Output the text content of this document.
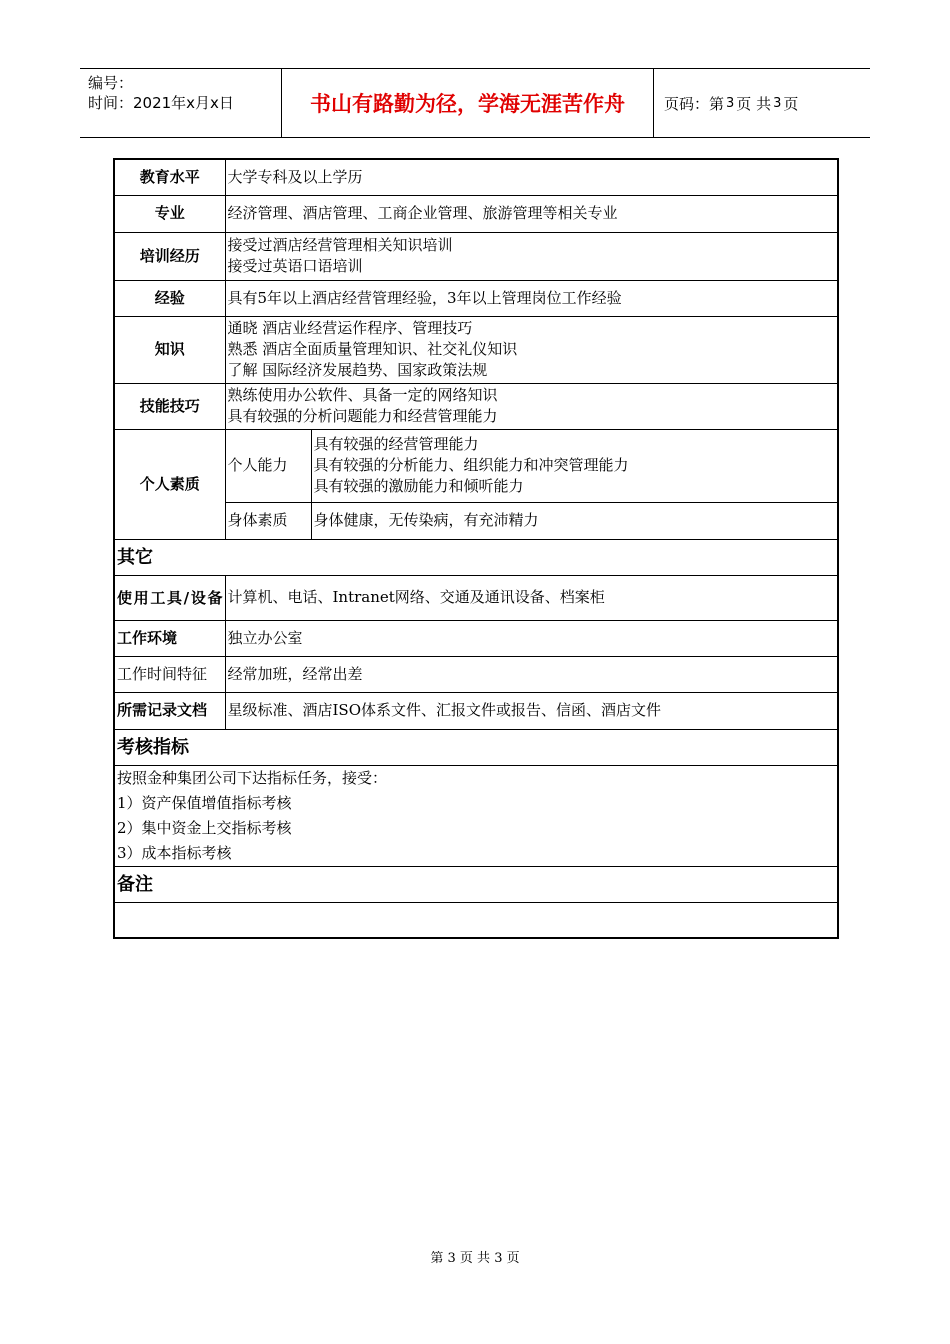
编号：
时间：2021年x月x日	书山有路勤为径，学海无涯苦作舟	页码：第 3 页 共 3 页
教育水平	大学专科及以上学历	
专业	经济管理、酒店管理、工商企业管理、旅游管理等相关专业	
培训经历	接受过酒店经营管理相关知识培训
接受过英语口语培训	

经验	具有5年以上酒店经营管理经验，3年以上管理岗位工作经验	
知识	通晓 酒店业经营运作程序、管理技巧
熟悉 酒店全面质量管理知识、社交礼仪知识
了解 国际经济发展趋势、国家政策法规	

技能技巧	熟练使用办公软件、具备一定的网络知识
具有较强的分析问题能力和经营管理能力	

个人素质	个人能力	具有较强的经营管理能力
具有较强的分析能力、组织能力和冲突管理能力
具有较强的激励能力和倾听能力

	身体素质	身体健康，无传染病，有充沛精力
其它		
使用工具/设备	计算机、电话、Intranet网络、交通及通讯设备、档案柜	
工作环境	独立办公室	
工作时间特征	经常加班，经常出差	
所需记录文档	星级标准、酒店ISO体系文件、汇报文件或报告、信函、酒店文件	
考核指标		

按照金种集团公司下达指标任务，接受：
1）资产保值增值指标考核
2）集中资金上交指标考核
3）成本指标考核		

备注		

第 3 页 共 3 页
